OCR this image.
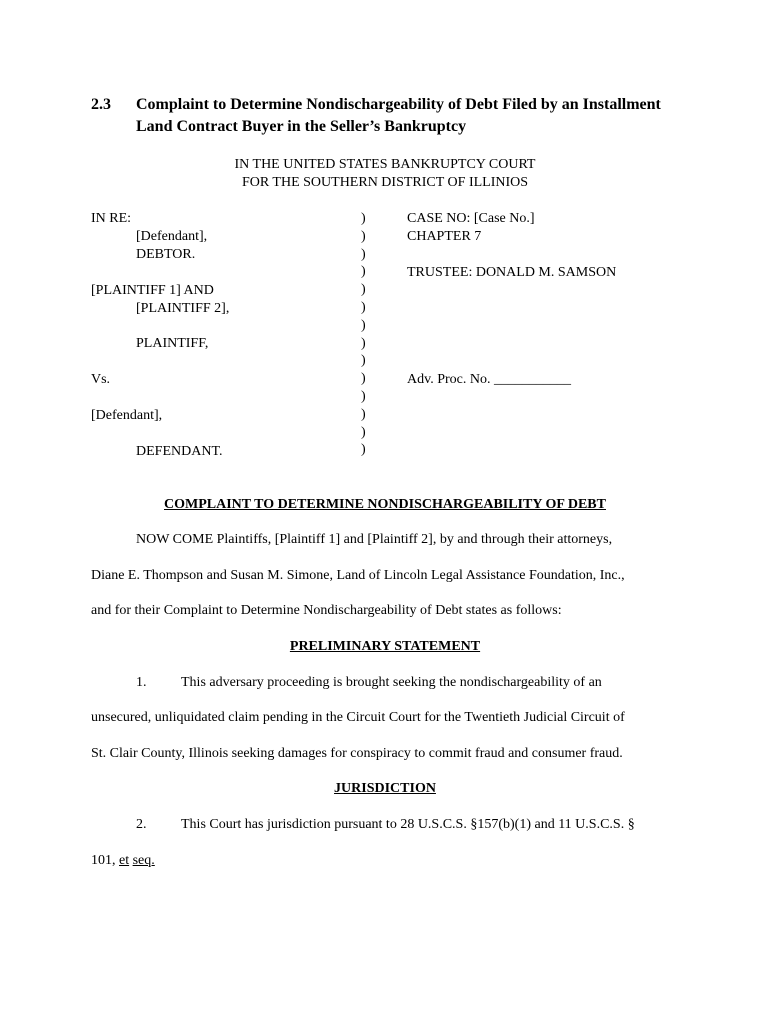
2.3 Complaint to Determine Nondischargeability of Debt Filed by an Installment Land Contract Buyer in the Seller’s Bankruptcy
IN THE UNITED STATES BANKRUPTCY COURT
FOR THE SOUTHERN DISTRICT OF ILLINIOS
IN RE:
[Defendant],
DEBTOR.
[PLAINTIFF 1] AND
[PLAINTIFF 2],
PLAINTIFF,
Vs.
[Defendant],
DEFENDANT.
)
)
)
)
)
)
)
)
)
)
)
)
)
)
CASE NO: [Case No.]
CHAPTER 7
TRUSTEE: DONALD M. SAMSON
Adv. Proc. No. ___________
COMPLAINT TO DETERMINE NONDISCHARGEABILITY OF DEBT
NOW COME Plaintiffs, [Plaintiff 1] and [Plaintiff 2], by and through their attorneys,
Diane E. Thompson and Susan M. Simone, Land of Lincoln Legal Assistance Foundation, Inc.,
and for their Complaint to Determine Nondischargeability of Debt states as follows:
PRELIMINARY STATEMENT
1.	This adversary proceeding is brought seeking the nondischargeability of an
unsecured, unliquidated claim pending in the Circuit Court for the Twentieth Judicial Circuit of
St. Clair County, Illinois seeking damages for conspiracy to commit fraud and consumer fraud.
JURISDICTION
2.	This Court has jurisdiction pursuant to 28 U.S.C.S. §157(b)(1) and 11 U.S.C.S. §
101, et seq.
